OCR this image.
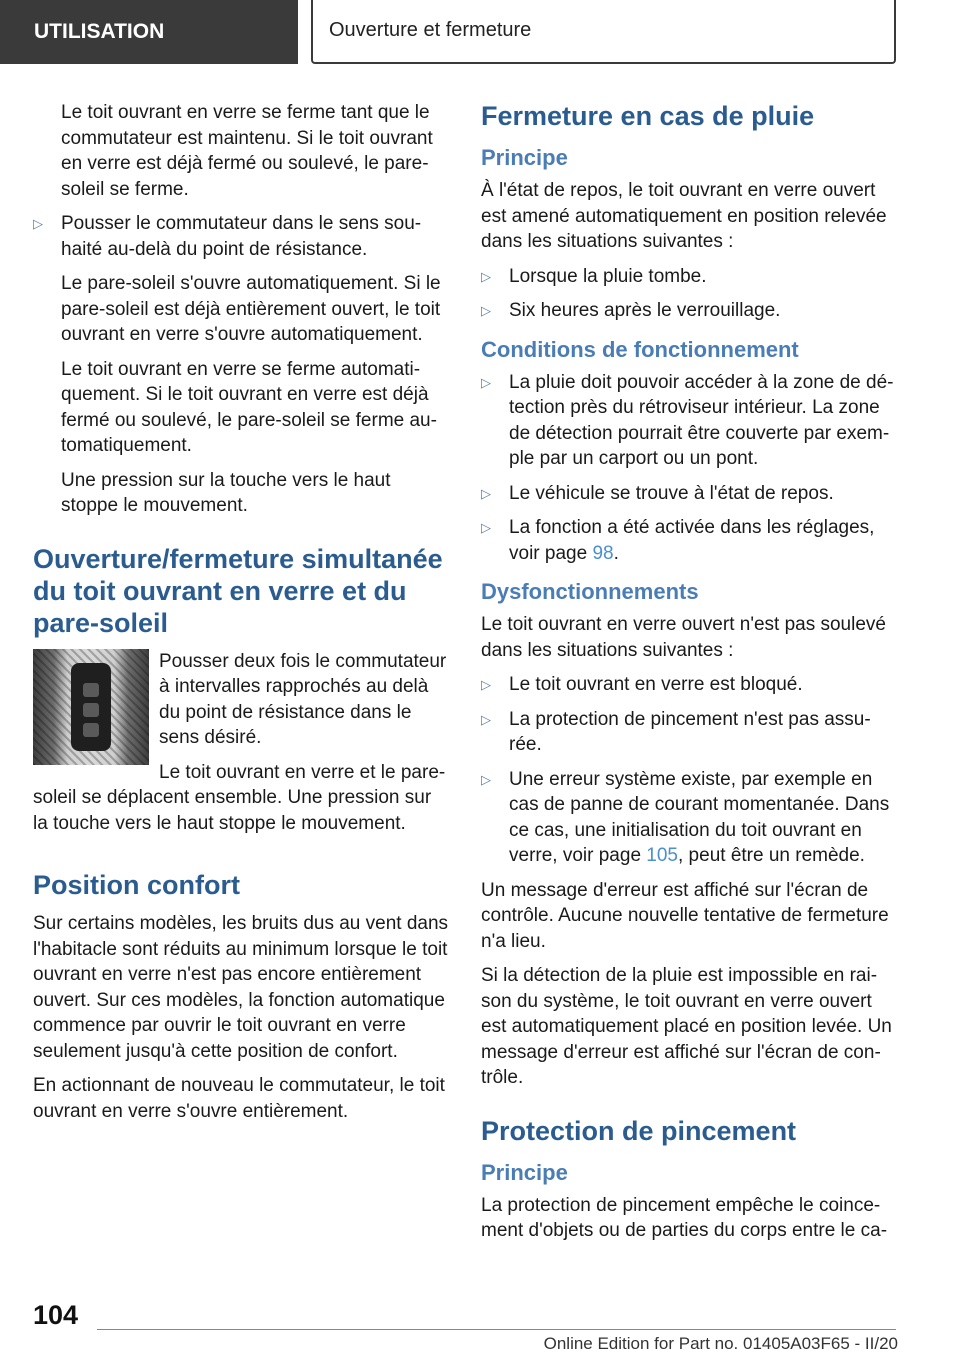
UTILISATION	Ouverture et fermeture

Le toit ouvrant en verre se ferme tant que le commutateur est maintenu. Si le toit ouvrant en verre est déjà fermé ou soulevé, le pare-soleil se ferme.

▷ Pousser le commutateur dans le sens souhaité au-delà du point de résistance.

Le pare-soleil s'ouvre automatiquement. Si le pare-soleil est déjà entièrement ouvert, le toit ouvrant en verre s'ouvre automatiquement.

Le toit ouvrant en verre se ferme automatiquement. Si le toit ouvrant en verre est déjà fermé ou soulevé, le pare-soleil se ferme automatiquement.

Une pression sur la touche vers le haut stoppe le mouvement.

Ouverture/fermeture simultanée du toit ouvrant en verre et du pare-soleil

Pousser deux fois le commutateur à intervalles rapprochés au delà du point de résistance dans le sens désiré.

Le toit ouvrant en verre et le pare-soleil se déplacent ensemble. Une pression sur la touche vers le haut stoppe le mouvement.

Position confort

Sur certains modèles, les bruits dus au vent dans l'habitacle sont réduits au minimum lorsque le toit ouvrant en verre n'est pas encore entièrement ouvert. Sur ces modèles, la fonction automatique commence par ouvrir le toit ouvrant en verre seulement jusqu'à cette position de confort.

En actionnant de nouveau le commutateur, le toit ouvrant en verre s'ouvre entièrement.

Fermeture en cas de pluie
Principe

À l'état de repos, le toit ouvrant en verre ouvert est amené automatiquement en position relevée dans les situations suivantes :

▷ Lorsque la pluie tombe.
▷ Six heures après le verrouillage.
Conditions de fonctionnement
▷ La pluie doit pouvoir accéder à la zone de détection près du rétroviseur intérieur. La zone de détection pourrait être couverte par exemple par un carport ou un pont.
▷ Le véhicule se trouve à l'état de repos.
▷ La fonction a été activée dans les réglages, voir page 98.
Dysfonctionnements

Le toit ouvrant en verre ouvert n'est pas soulevé dans les situations suivantes :

▷ Le toit ouvrant en verre est bloqué.
▷ La protection de pincement n'est pas assurée.
▷ Une erreur système existe, par exemple en cas de panne de courant momentanée. Dans ce cas, une initialisation du toit ouvrant en verre, voir page 105, peut être un remède.

Un message d'erreur est affiché sur l'écran de contrôle. Aucune nouvelle tentative de fermeture n'a lieu.

Si la détection de la pluie est impossible en raison du système, le toit ouvrant en verre ouvert est automatiquement placé en position levée. Un message d'erreur est affiché sur l'écran de contrôle.

Protection de pincement
Principe

La protection de pincement empêche le coincement d'objets ou de parties du corps entre le ca-

104
Online Edition for Part no. 01405A03F65 - II/20
